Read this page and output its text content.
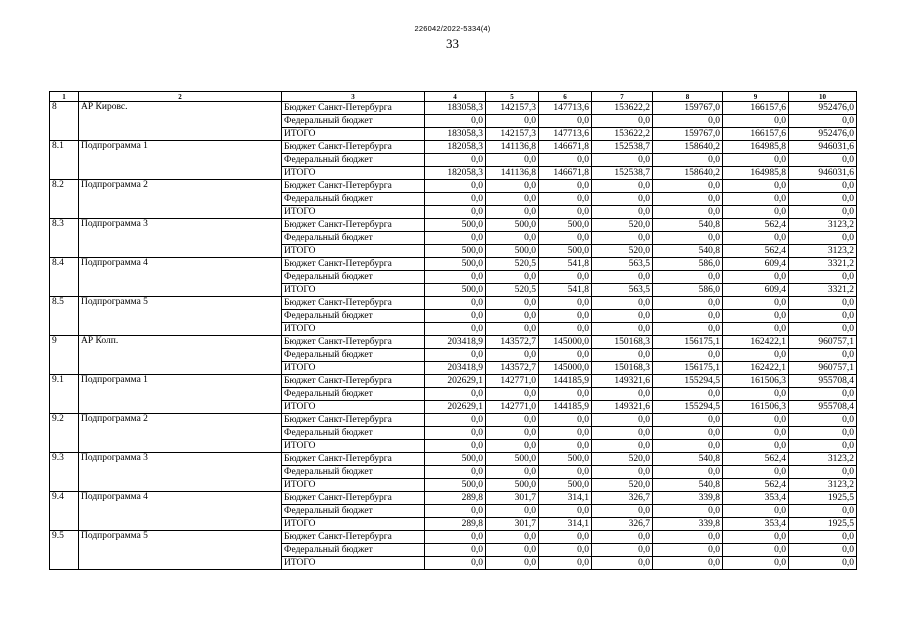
226042/2022-5334(4)
33
1	2	3	4	5	6	7	8	9	10
8	АР Кировс.	Бюджет Санкт-Петербурга	183058,3	142157,3	147713,6	153622,2	159767,0	166157,6	952476,0
		Федеральный бюджет	0,0	0,0	0,0	0,0	0,0	0,0	0,0
		ИТОГО	183058,3	142157,3	147713,6	153622,2	159767,0	166157,6	952476,0
8.1	Подпрограмма 1	Бюджет Санкт-Петербурга	182058,3	141136,8	146671,8	152538,7	158640,2	164985,8	946031,6
		Федеральный бюджет	0,0	0,0	0,0	0,0	0,0	0,0	0,0
		ИТОГО	182058,3	141136,8	146671,8	152538,7	158640,2	164985,8	946031,6
8.2	Подпрограмма 2	Бюджет Санкт-Петербурга	0,0	0,0	0,0	0,0	0,0	0,0	0,0
		Федеральный бюджет	0,0	0,0	0,0	0,0	0,0	0,0	0,0
		ИТОГО	0,0	0,0	0,0	0,0	0,0	0,0	0,0
8.3	Подпрограмма 3	Бюджет Санкт-Петербурга	500,0	500,0	500,0	520,0	540,8	562,4	3123,2
		Федеральный бюджет	0,0	0,0	0,0	0,0	0,0	0,0	0,0
		ИТОГО	500,0	500,0	500,0	520,0	540,8	562,4	3123,2
8.4	Подпрограмма 4	Бюджет Санкт-Петербурга	500,0	520,5	541,8	563,5	586,0	609,4	3321,2
		Федеральный бюджет	0,0	0,0	0,0	0,0	0,0	0,0	0,0
		ИТОГО	500,0	520,5	541,8	563,5	586,0	609,4	3321,2
8.5	Подпрограмма 5	Бюджет Санкт-Петербурга	0,0	0,0	0,0	0,0	0,0	0,0	0,0
		Федеральный бюджет	0,0	0,0	0,0	0,0	0,0	0,0	0,0
		ИТОГО	0,0	0,0	0,0	0,0	0,0	0,0	0,0
9	АР Колп.	Бюджет Санкт-Петербурга	203418,9	143572,7	145000,0	150168,3	156175,1	162422,1	960757,1
		Федеральный бюджет	0,0	0,0	0,0	0,0	0,0	0,0	0,0
		ИТОГО	203418,9	143572,7	145000,0	150168,3	156175,1	162422,1	960757,1
9.1	Подпрограмма 1	Бюджет Санкт-Петербурга	202629,1	142771,0	144185,9	149321,6	155294,5	161506,3	955708,4
		Федеральный бюджет	0,0	0,0	0,0	0,0	0,0	0,0	0,0
		ИТОГО	202629,1	142771,0	144185,9	149321,6	155294,5	161506,3	955708,4
9.2	Подпрограмма 2	Бюджет Санкт-Петербурга	0,0	0,0	0,0	0,0	0,0	0,0	0,0
		Федеральный бюджет	0,0	0,0	0,0	0,0	0,0	0,0	0,0
		ИТОГО	0,0	0,0	0,0	0,0	0,0	0,0	0,0
9.3	Подпрограмма 3	Бюджет Санкт-Петербурга	500,0	500,0	500,0	520,0	540,8	562,4	3123,2
		Федеральный бюджет	0,0	0,0	0,0	0,0	0,0	0,0	0,0
		ИТОГО	500,0	500,0	500,0	520,0	540,8	562,4	3123,2
9.4	Подпрограмма 4	Бюджет Санкт-Петербурга	289,8	301,7	314,1	326,7	339,8	353,4	1925,5
		Федеральный бюджет	0,0	0,0	0,0	0,0	0,0	0,0	0,0
		ИТОГО	289,8	301,7	314,1	326,7	339,8	353,4	1925,5
9.5	Подпрограмма 5	Бюджет Санкт-Петербурга	0,0	0,0	0,0	0,0	0,0	0,0	0,0
		Федеральный бюджет	0,0	0,0	0,0	0,0	0,0	0,0	0,0
		ИТОГО	0,0	0,0	0,0	0,0	0,0	0,0	0,0
